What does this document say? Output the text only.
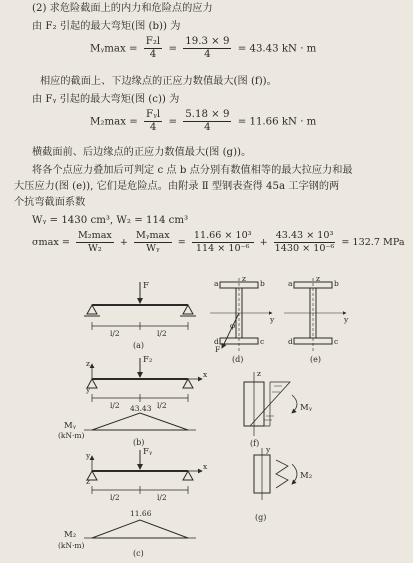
(2) 求危险截面上的内力和危险点的应力
由 F₂ 引起的最大弯矩(图 (b)) 为
Mᵧmax = $\frac{\text{F₂l}}{4} = \frac{19.3 \times 9}{4} = 43.43$ kN · m
相应的截面上、下边缘点的正应力数值最大(图 (f))。
由 Fᵧ 引起的最大弯矩(图 (c)) 为
$M_2\max = \frac{\text{Fᵧl}}{4} = \frac{5.18 \times 9}{4} = 11.66$ kN · m
横截面前、后边缘点的正应力数值最大(图 (g))。
将各个点应力叠加后可判定 c 点 b 点分别有数值相等的最大拉应力和最
大压应力(图 (e)), 它们是危险点。由附录 Ⅱ 型钢表查得 45a 工字钢的两
个抗弯截面系数
Wᵧ = 1430 cm³, W₂ = 114 cm³
$\sigma\max = \frac{\text{M₂max}}{\text{W₂}} + \frac{\text{Mᵧmax}}{\text{Wᵧ}} = \frac{\text{11.66 × 10³}}{\text{114 × 10⁻⁶}} + \frac{\text{43.43 × 10³}}{\text{1430 × 10⁻⁶}} = 132.7$ MPa
F
l/2	l/2
(a)
z
x
y
F₂
l/2	l/2
43.43
Mᵧ
(kN·m)
(b)
y
x
z
Fᵧ
l/2	l/2
11.66
M₂
(kN·m)
(c)
a	b
d	c
z
y
F
φ
(d)
a	b
d	c
z
y
(e)
z
Mᵧ
(f)
y
M₂
(g)
